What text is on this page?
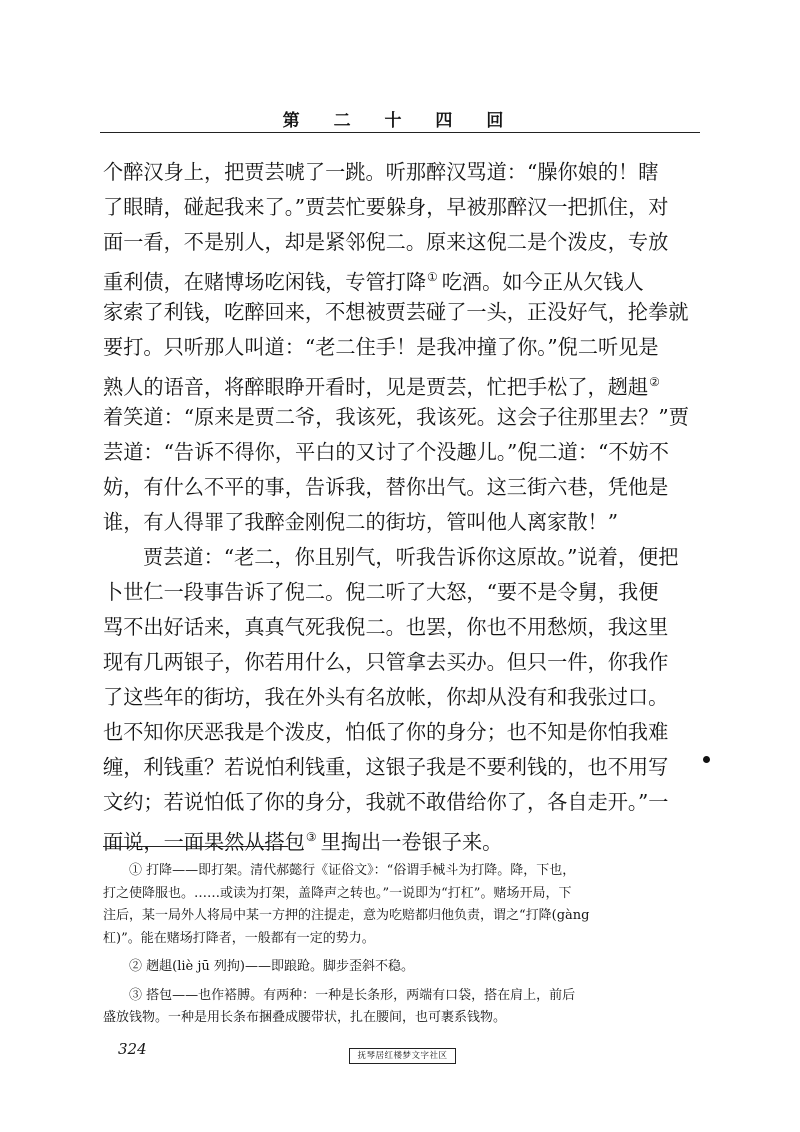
第 二 十 四 回
个醉汉身上，把贾芸唬了一跳。听那醉汉骂道：“臊你娘的！瞎
了眼睛，碰起我来了。”贾芸忙要躲身，早被那醉汉一把抓住，对
面一看，不是别人，却是紧邻倪二。原来这倪二是个泼皮，专放
重利债，在赌博场吃闲钱，专管打降① 吃酒。如今正从欠钱人
家索了利钱，吃醉回来，不想被贾芸碰了一头，正没好气，抡拳就
要打。只听那人叫道：“老二住手！是我冲撞了你。”倪二听见是
熟人的语音，将醉眼睁开看时，见是贾芸，忙把手松了，趔趄②
着笑道：“原来是贾二爷，我该死，我该死。这会子往那里去？”贾
芸道：“告诉不得你，平白的又讨了个没趣儿。”倪二道：“不妨不
妨，有什么不平的事，告诉我，替你出气。这三街六巷，凭他是
谁，有人得罪了我醉金刚倪二的街坊，管叫他人离家散！”
贾芸道：“老二，你且别气，听我告诉你这原故。”说着，便把
卜世仁一段事告诉了倪二。倪二听了大怒，“要不是令舅，我便
骂不出好话来，真真气死我倪二。也罢，你也不用愁烦，我这里
现有几两银子，你若用什么，只管拿去买办。但只一件，你我作
了这些年的街坊，我在外头有名放帐，你却从没有和我张过口。
也不知你厌恶我是个泼皮，怕低了你的身分；也不知是你怕我难
缠，利钱重？若说怕利钱重，这银子我是不要利钱的，也不用写
文约；若说怕低了你的身分，我就不敢借给你了，各自走开。”一
面说，一面果然从搭包③ 里掏出一卷银子来。
① 打降——即打架。清代郝懿行《证俗文》：“俗谓手械斗为打降。降，下也，
打之使降服也。……或读为打架，盖降声之转也。”一说即为“打杠”。赌场开局，下
注后，某一局外人将局中某一方押的注提走，意为吃赔都归他负责，谓之“打降(gàng
杠)”。能在赌场打降者，一般都有一定的势力。
② 趔趄(liè jū 列拘)——即踉跄。脚步歪斜不稳。
③ 搭包——也作褡膊。有两种：一种是长条形，两端有口袋，搭在肩上，前后
盛放钱物。一种是用长条布捆叠成腰带状，扎在腰间，也可裹系钱物。
324	抚琴居红楼梦文字社区
